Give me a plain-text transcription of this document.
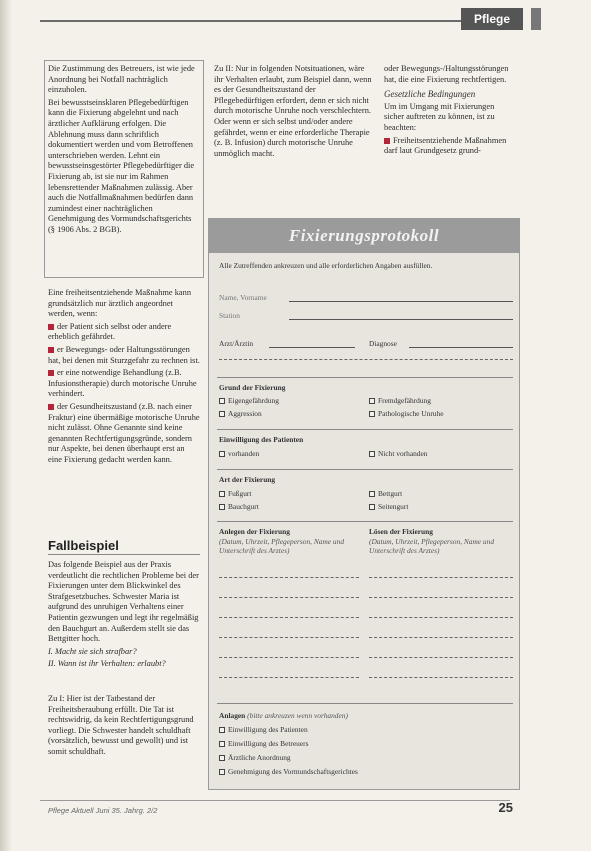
Pflege

Die Zustimmung des Betreuers, ist wie jede Anordnung bei Notfall nachträglich einzuholen.

Bei bewusstseinsklaren Pflegebedürftigen kann die Fixierung abgelehnt und nach ärztlicher Aufklärung erfolgen. Die Ablehnung muss dann schriftlich dokumentiert werden und vom Betroffenen unterschrieben werden. Lehnt ein bewusstseinsgestörter Pflegebedürftiger die Fixierung ab, ist sie nur im Rahmen lebensrettender Maßnahmen zulässig. Aber auch die Notfallmaßnahmen bedürfen dann zumindest einer nachträglichen Genehmigung des Vormundschaftsgerichts (§ 1906 Abs. 2 BGB).

Eine freiheitsentziehende Maßnahme kann grundsätzlich nur ärztlich angeordnet werden, wenn:

der Patient sich selbst oder andere erheblich gefährdet.

er Bewegungs- oder Haltungsstörungen hat, bei denen mit Sturzgefahr zu rechnen ist.

er eine notwendige Behandlung (z.B. Infusionstherapie) durch motorische Unruhe verhindert.

der Gesundheitszustand (z.B. nach einer Fraktur) eine übermäßige motorische Unruhe nicht zulässt. Ohne Genannte sind keine genannten Rechtfertigungsgründe, sondern nur Aspekte, bei denen überhaupt erst an eine Fixierung gedacht werden kann.

Fallbeispiel

Das folgende Beispiel aus der Praxis verdeutlicht die rechtlichen Probleme bei der Fixierungen unter dem Blickwinkel des Strafgesetzbuches. Schwester Maria ist aufgrund des unruhigen Verhaltens einer Patientin gezwungen und legt ihr regelmäßig den Bauchgurt an. Außerdem stellt sie das Bettgitter hoch.

I. Macht sie sich strafbar?

II. Wann ist ihr Verhalten: erlaubt?

Zu I: Hier ist der Tatbestand der Freiheitsberaubung erfüllt. Die Tat ist rechtswidrig, da kein Rechtfertigungsgrund vorliegt. Die Schwester handelt schuldhaft (vorsätzlich, bewusst und gewollt) und ist somit schuldhaft.

Zu II: Nur in folgenden Notsituationen, wäre ihr Verhalten erlaubt, zum Beispiel dann, wenn es der Gesundheitszustand der Pflegebedürftigen erfordert, denn er sich nicht durch motorische Unruhe noch verschlechtern. Oder wenn er sich selbst und/oder andere gefährdet, wenn er eine erforderliche Therapie (z. B. Infusion) durch motorische Unruhe unmöglich macht.

oder Bewegungs-/Haltungsstörungen hat, die eine Fixierung rechtfertigen.

Gesetzliche Bedingungen

Um im Umgang mit Fixierungen sicher auftreten zu können, ist zu beachten:

Freiheitsentziehende Maßnahmen darf laut Grundgesetz grund-

Fixierungsprotokoll
Alle Zutreffenden ankreuzen und alle erforderlichen Angaben ausfüllen.
Name, Vorname
Station
Arzt/Ärztin	Diagnose
Grund der Fixierung
Eigengefährdung	Fremdgefährdung
Aggression	Pathologische Unruhe
Einwilligung des Patienten
vorhanden	Nicht vorhanden
Art der Fixierung
Fußgurt	Bettgurt
Bauchgurt	Seitengurt
Anlegen der Fixierung
(Datum, Uhrzeit, Pflegeperson, Name und Unterschrift des Arztes)
Lösen der Fixierung
(Datum, Uhrzeit, Pflegeperson, Name und Unterschrift des Arztes)
Anlagen (bitte ankreuzen wenn vorhanden)
Einwilligung des Patienten
Einwilligung des Betreuers
Ärztliche Anordnung
Genehmigung des Vormundschaftsgerichtes
Pflege Aktuell Juni 35. Jahrg. 2/2	25
